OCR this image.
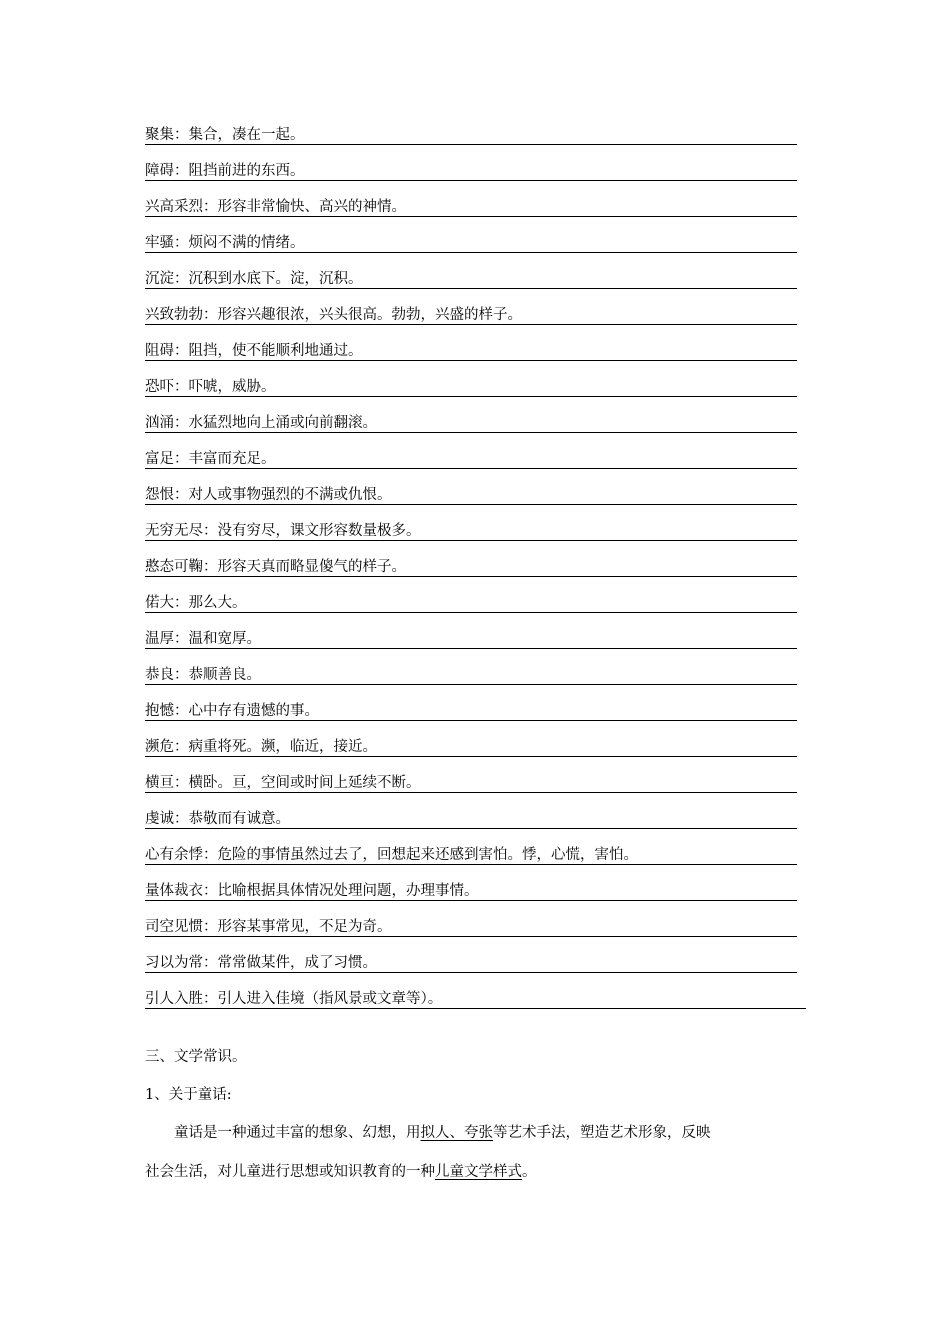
聚集：集合，凑在一起。
障碍：阻挡前进的东西。
兴高采烈：形容非常愉快、高兴的神情。
牢骚：烦闷不满的情绪。
沉淀：沉积到水底下。淀，沉积。
兴致勃勃：形容兴趣很浓，兴头很高。勃勃，兴盛的样子。
阻碍：阻挡，使不能顺利地通过。
恐吓：吓唬，威胁。
汹涌：水猛烈地向上涌或向前翻滚。
富足：丰富而充足。
怨恨：对人或事物强烈的不满或仇恨。
无穷无尽：没有穷尽，课文形容数量极多。
憨态可鞠：形容天真而略显傻气的样子。
偌大：那么大。
温厚：温和宽厚。
恭良：恭顺善良。
抱憾：心中存有遗憾的事。
濒危：病重将死。濒，临近，接近。
横亘：横卧。亘，空间或时间上延续不断。
虔诚：恭敬而有诚意。
心有余悸：危险的事情虽然过去了，回想起来还感到害怕。悸，心慌，害怕。
量体裁衣：比喻根据具体情况处理问题，办理事情。
司空见惯：形容某事常见，不足为奇。
习以为常：常常做某件，成了习惯。
引人入胜：引人进入佳境（指风景或文章等）。
三、文学常识。
1、关于童话:
　　童话是一种通过丰富的想象、幻想，用拟人、夸张等艺术手法，塑造艺术形象，反映
社会生活，对儿童进行思想或知识教育的一种儿童文学样式。
